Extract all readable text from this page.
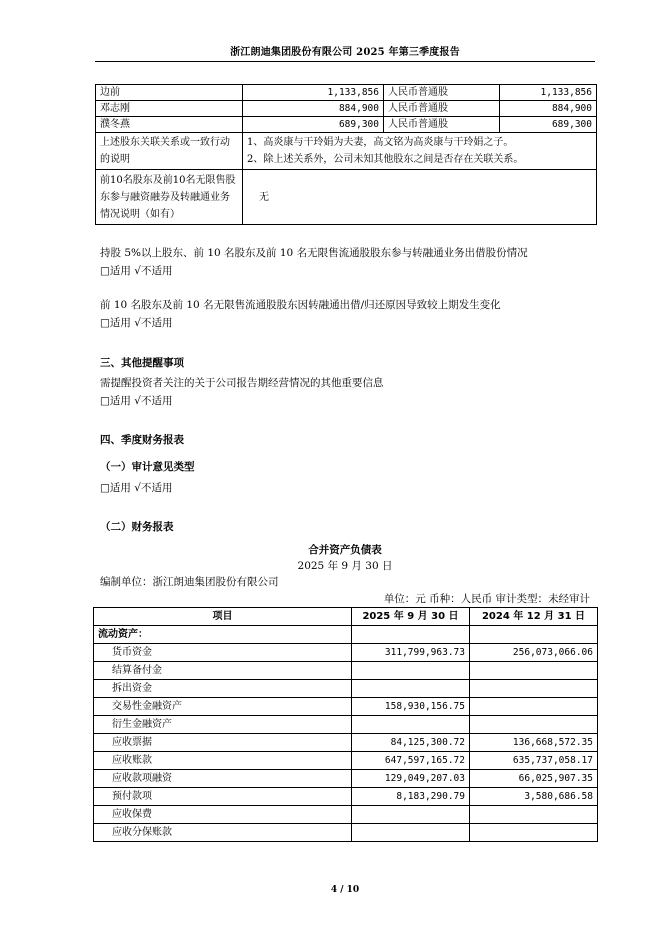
浙江朗迪集团股份有限公司 2025 年第三季度报告
边前	1,133,856	人民币普通股	1,133,856
邓志刚	884,900	人民币普通股	884,900
濮冬燕	689,300	人民币普通股	689,300
上述股东关联关系或一致行动的说明	1、高炎康与干玲娟为夫妻，高文铭为高炎康与干玲娟之子。
2、除上述关系外，公司未知其他股东之间是否存在关联关系。		

前10名股东及前10名无限售股东参与融资融券及转融通业务情况说明（如有）	无		
持股 5%以上股东、前 10 名股东及前 10 名无限售流通股股东参与转融通业务出借股份情况
□适用 √不适用
前 10 名股东及前 10 名无限售流通股股东因转融通出借/归还原因导致较上期发生变化
□适用 √不适用
三、其他提醒事项
需提醒投资者关注的关于公司报告期经营情况的其他重要信息
□适用 √不适用
四、季度财务报表
（一）审计意见类型
□适用 √不适用
（二）财务报表
合并资产负债表
2025 年 9 月 30 日
编制单位：浙江朗迪集团股份有限公司
单位：元 币种：人民币 审计类型：未经审计
项目	2025 年 9 月 30 日	2024 年 12 月 31 日
流动资产：		
货币资金	311,799,963.73	256,073,066.06
结算备付金		
拆出资金		
交易性金融资产	158,930,156.75	
衍生金融资产		
应收票据	84,125,300.72	136,668,572.35
应收账款	647,597,165.72	635,737,058.17
应收款项融资	129,049,207.03	66,025,907.35
预付款项	8,183,290.79	3,580,686.58
应收保费		
应收分保账款		
4 / 10
